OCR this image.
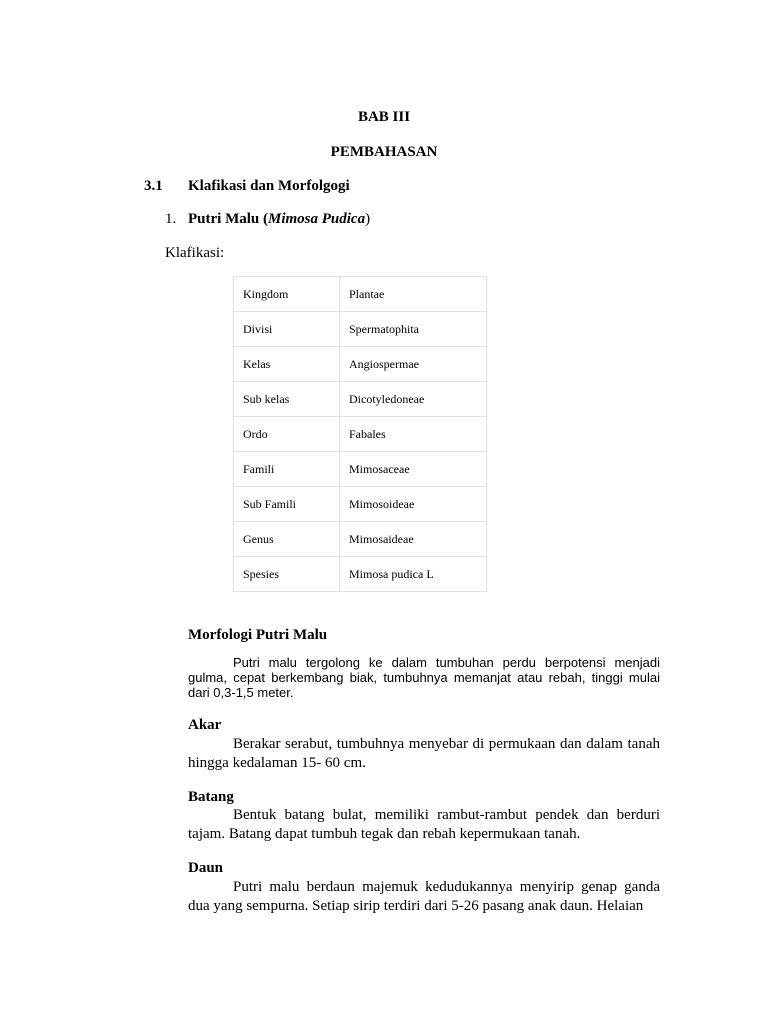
BAB III
PEMBAHASAN
3.1 Klafikasi dan Morfolgogi
1. Putri Malu (Mimosa Pudica)
Klafikasi:
Kingdom	Plantae
Divisi	Spermatophita
Kelas	Angiospermae
Sub kelas	Dicotyledoneae
Ordo	Fabales
Famili	Mimosaceae
Sub Famili	Mimosoideae
Genus	Mimosaideae
Spesies	Mimosa pudica L
Morfologi Putri Malu
Putri malu tergolong ke dalam tumbuhan perdu berpotensi menjadi gulma, cepat berkembang biak, tumbuhnya memanjat atau rebah, tinggi mulai dari 0,3-1,5 meter.
Akar
Berakar serabut, tumbuhnya menyebar di permukaan dan dalam tanah hingga kedalaman 15- 60 cm.
Batang
Bentuk batang bulat, memiliki rambut-rambut pendek dan berduri tajam. Batang dapat tumbuh tegak dan rebah kepermukaan tanah.
Daun
Putri malu berdaun majemuk kedudukannya menyirip genap ganda dua yang sempurna. Setiap sirip terdiri dari 5-26 pasang anak daun. Helaian
